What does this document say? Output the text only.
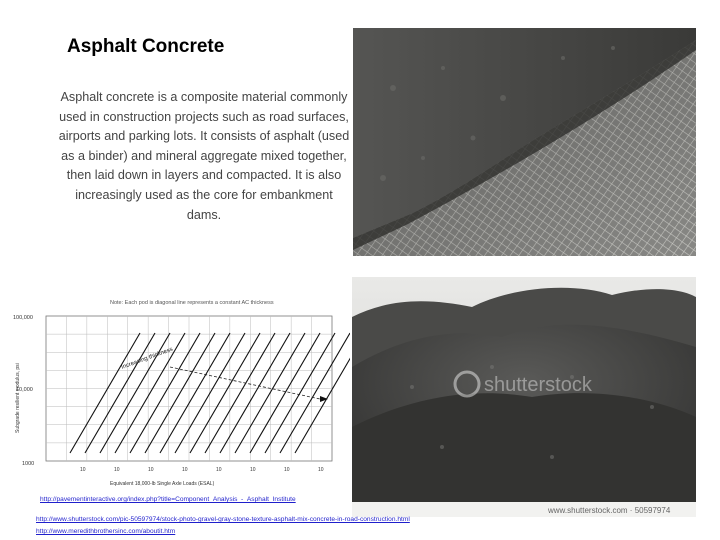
Asphalt Concrete
Asphalt concrete is a composite material commonly used in construction projects such as road surfaces, airports and parking lots. It consists of asphalt (used as a binder) and mineral aggregate mixed together, then laid down in layers and compacted. It is also increasingly used as the core for embankment dams.
shutterstock
www.shutterstock.com · 50597974
Note: Each pod is diagonal line represents a constant AC thickness
100,000
10,000
1000
10	10	10	10	10	10	10	10
Equivalent 18,000-lb Single Axle Loads (ESAL)
Subgrade resilient modulus, psi
Increasing thickness
http://pavementinteractive.org/index.php?title=Component_Analysis_-_Asphalt_Institute
http://www.shutterstock.com/pic-50597974/stock-photo-gravel-gray-stone-texture-asphalt-mix-concrete-in-road-construction.html
http://www.meredithbrothersinc.com/aboutit.htm
